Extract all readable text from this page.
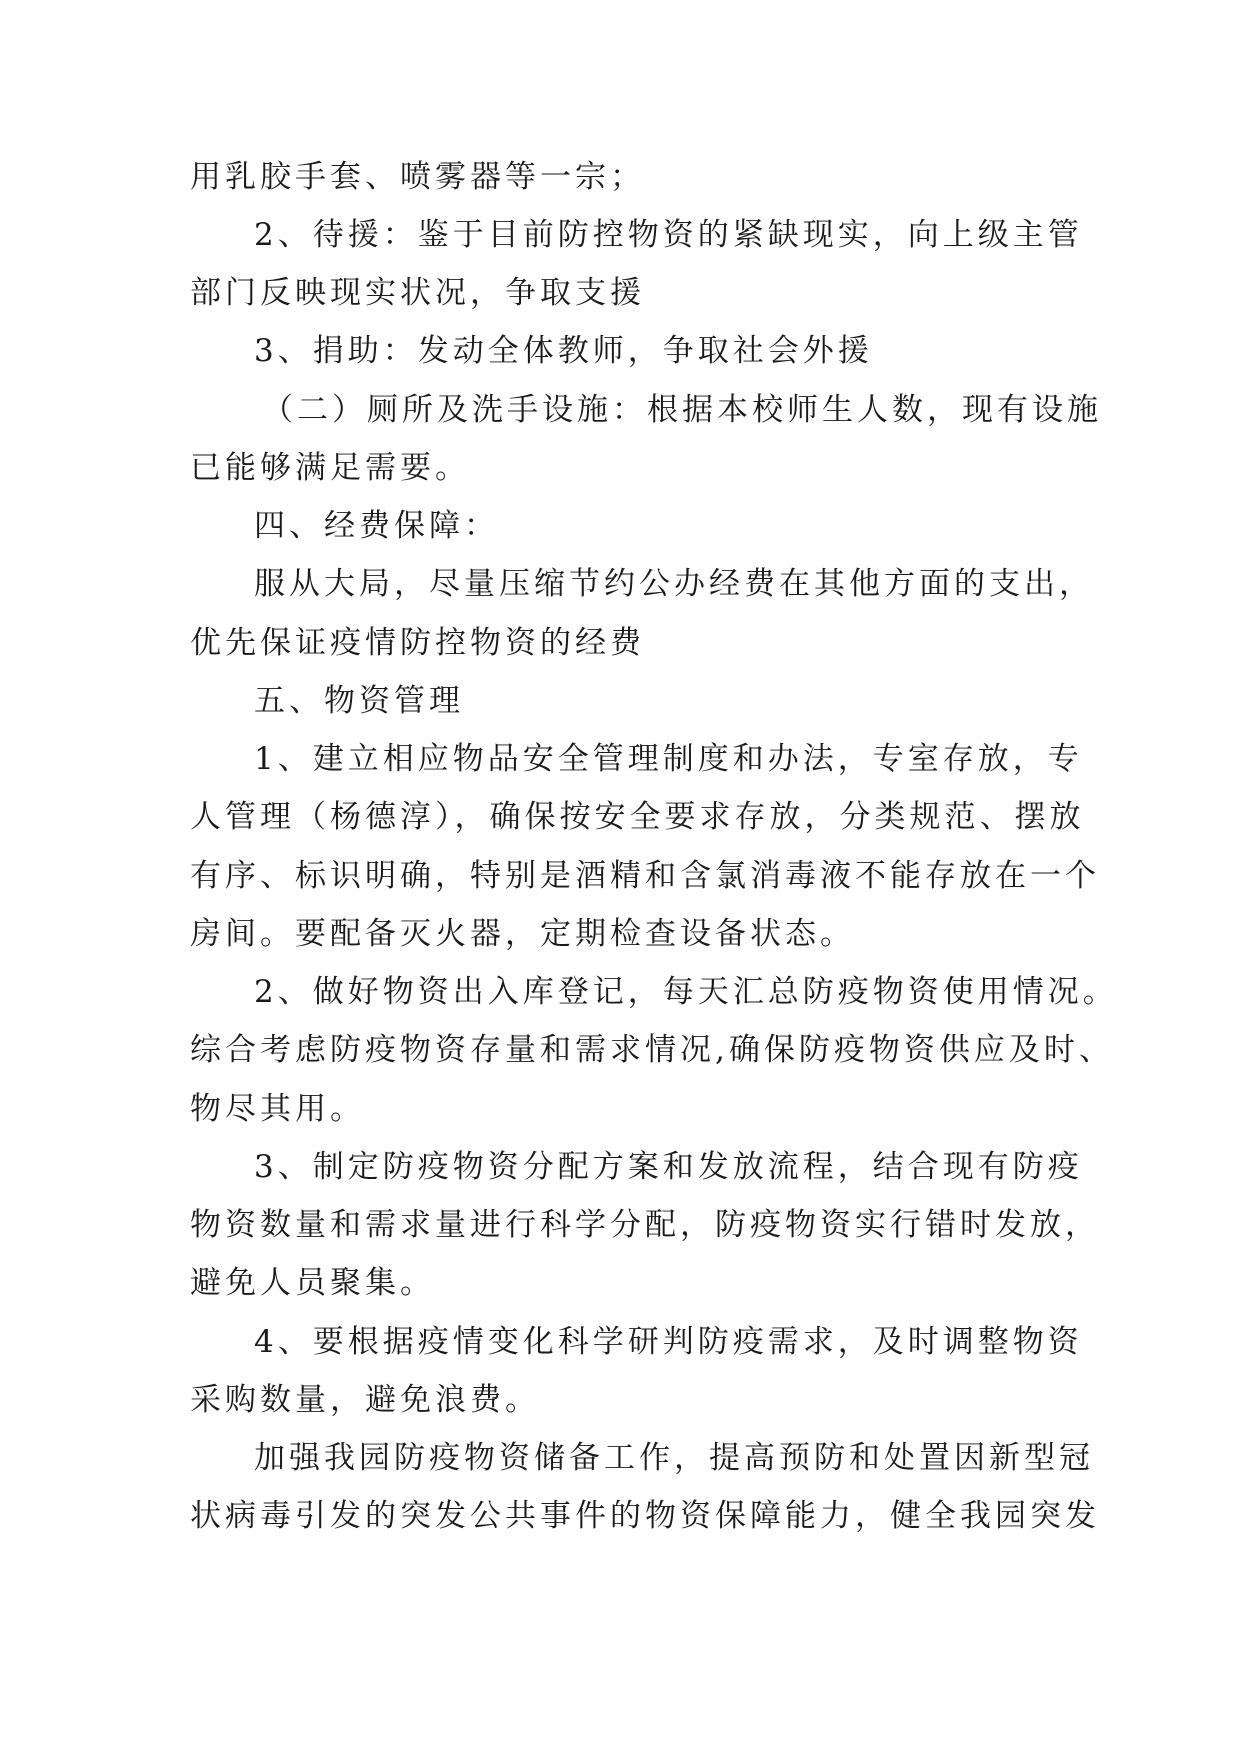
用乳胶手套、喷雾器等一宗；
2、待援：鉴于目前防控物资的紧缺现实，向上级主管
部门反映现实状况，争取支援
3、捐助：发动全体教师，争取社会外援
（二）厕所及洗手设施：根据本校师生人数，现有设施
已能够满足需要。
四、经费保障：
服从大局，尽量压缩节约公办经费在其他方面的支出，
优先保证疫情防控物资的经费
五、物资管理
1、建立相应物品安全管理制度和办法，专室存放，专
人管理（杨德淳），确保按安全要求存放，分类规范、摆放
有序、标识明确，特别是酒精和含氯消毒液不能存放在一个
房间。要配备灭火器，定期检查设备状态。
2、做好物资出入库登记，每天汇总防疫物资使用情况。
综合考虑防疫物资存量和需求情况,确保防疫物资供应及时、
物尽其用。
3、制定防疫物资分配方案和发放流程，结合现有防疫
物资数量和需求量进行科学分配，防疫物资实行错时发放，
避免人员聚集。
4、要根据疫情变化科学研判防疫需求，及时调整物资
采购数量，避免浪费。
加强我园防疫物资储备工作，提高预防和处置因新型冠
状病毒引发的突发公共事件的物资保障能力，健全我园突发
